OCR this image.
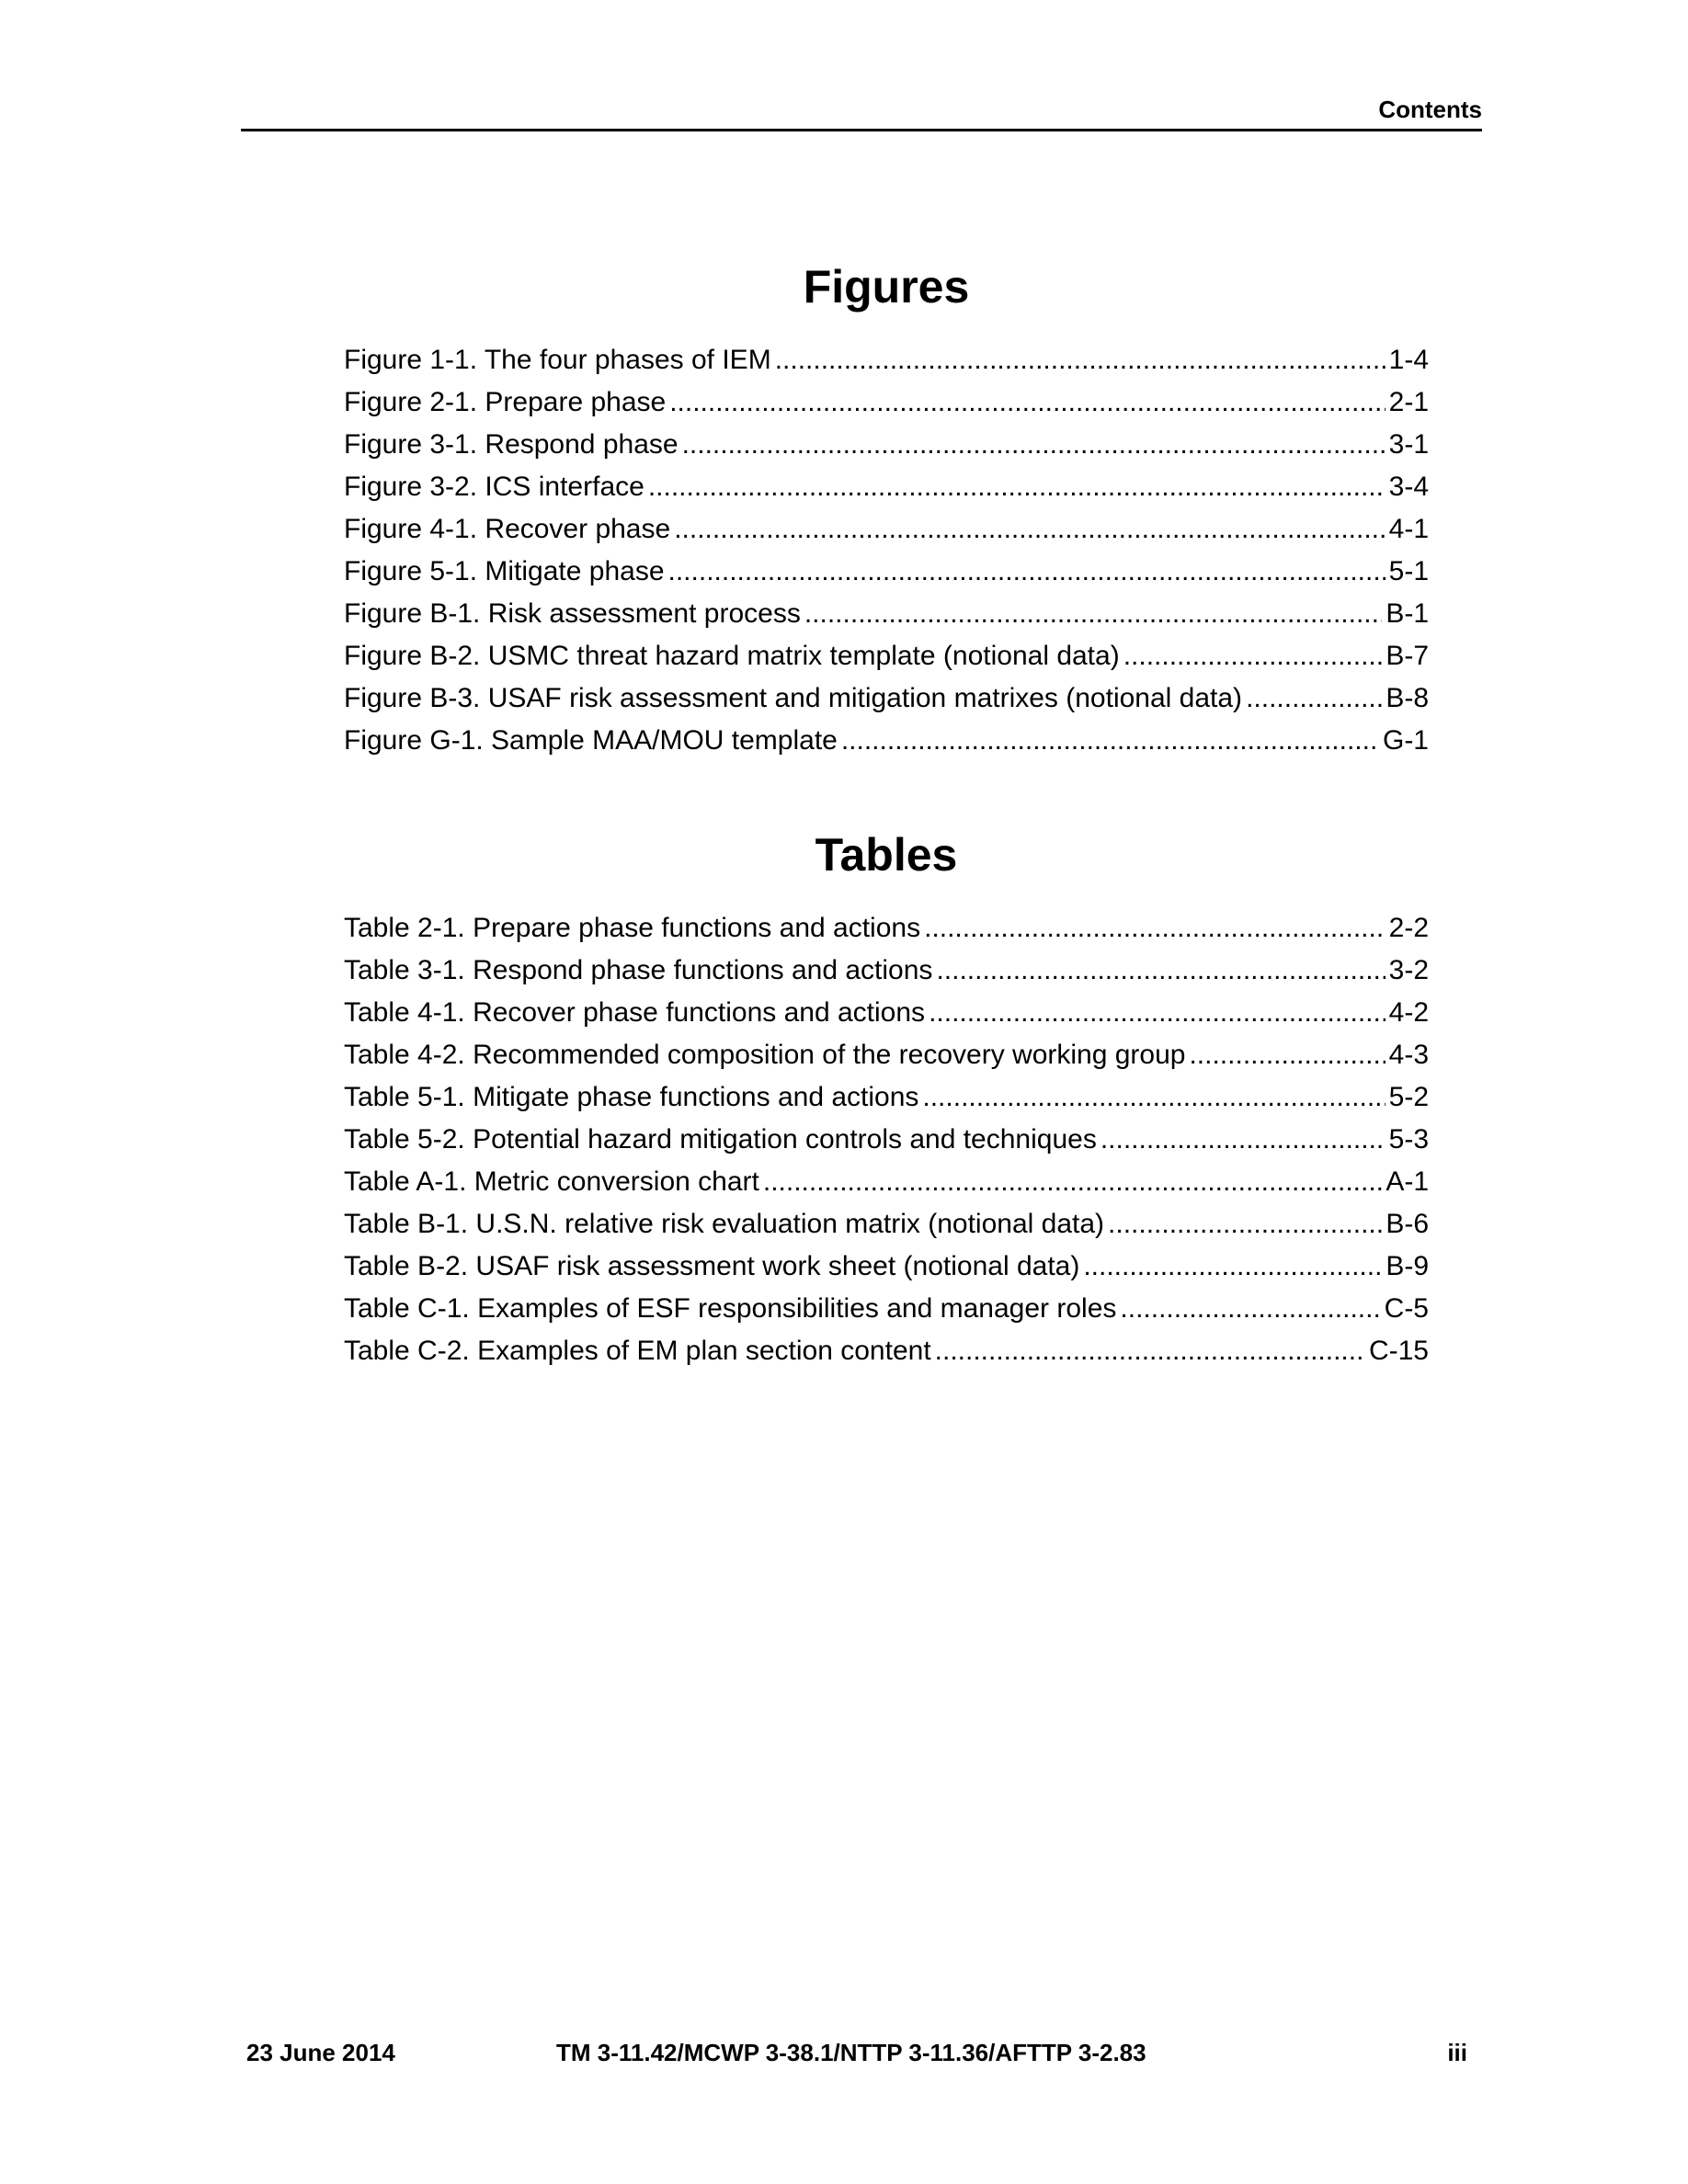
Contents
Figures
Figure 1-1. The four phases of IEM .....	1-4
Figure 2-1. Prepare phase .....	2-1
Figure 3-1. Respond phase .....	3-1
Figure 3-2. ICS interface .....	3-4
Figure 4-1. Recover phase .....	4-1
Figure 5-1. Mitigate phase .....	5-1
Figure B-1. Risk assessment process .....	B-1
Figure B-2. USMC threat hazard matrix template (notional data) .....	B-7
Figure B-3. USAF risk assessment and mitigation matrixes (notional data) .....	B-8
Figure G-1. Sample MAA/MOU template .....	G-1
Tables
Table 2-1. Prepare phase functions and actions .....	2-2
Table 3-1. Respond phase functions and actions .....	3-2
Table 4-1. Recover phase functions and actions .....	4-2
Table 4-2. Recommended composition of the recovery working group .....	4-3
Table 5-1. Mitigate phase functions and actions .....	5-2
Table 5-2. Potential hazard mitigation controls and techniques .....	5-3
Table A-1. Metric conversion chart .....	A-1
Table B-1. U.S.N. relative risk evaluation matrix (notional data) .....	B-6
Table B-2. USAF risk assessment work sheet (notional data) .....	B-9
Table C-1. Examples of ESF responsibilities and manager roles .....	C-5
Table C-2. Examples of EM plan section content .....	C-15
23 June 2014	TM 3-11.42/MCWP 3-38.1/NTTP 3-11.36/AFTTP 3-2.83	iii
